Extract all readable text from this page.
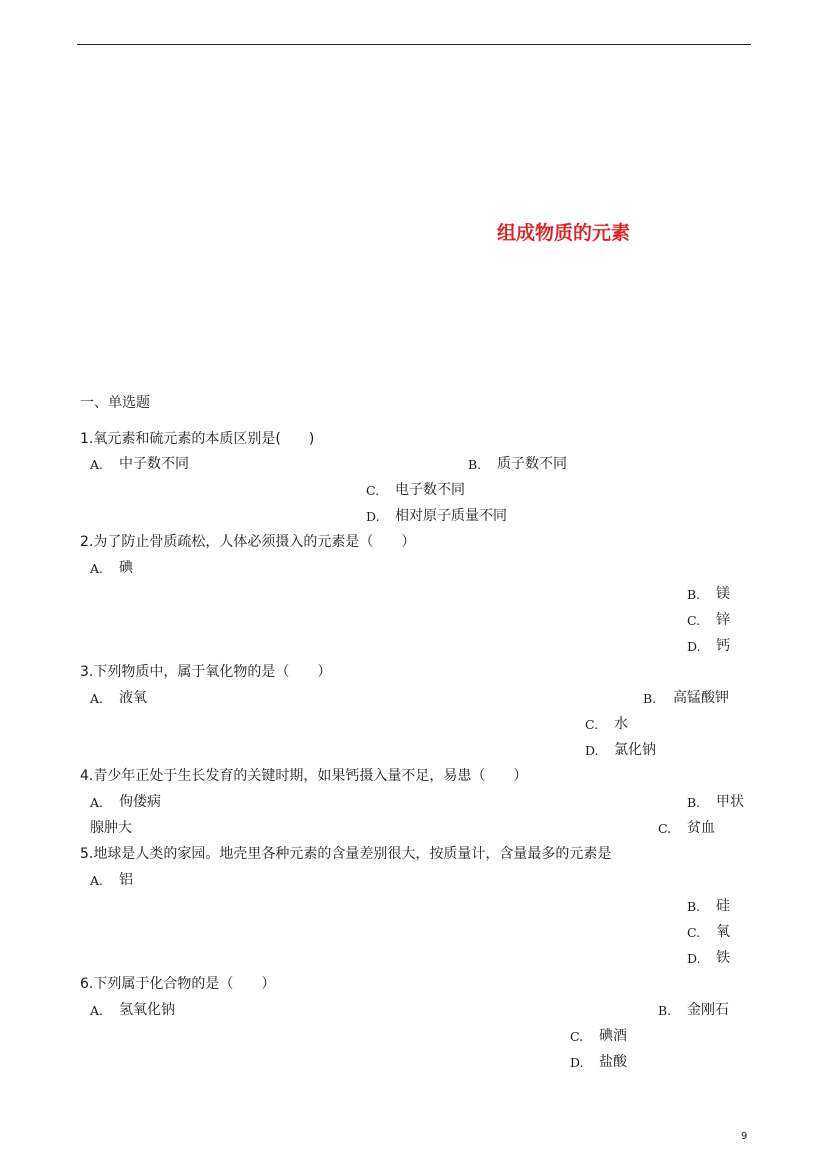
组成物质的元素
一、单选题
1.氧元素和硫元素的本质区别是(　　)
A. 中子数不同	B. 质子数不同
C. 电子数不同
D. 相对原子质量不同
2.为了防止骨质疏松，人体必须摄入的元素是（　　）
A. 碘
B. 镁
C. 锌
D. 钙
3.下列物质中，属于氧化物的是（　　）
A. 液氧	B. 高锰酸钾
C. 水
D. 氯化钠
4.青少年正处于生长发育的关键时期，如果钙摄入量不足，易患（　　）
A. 佝偻病	B. 甲状
腺肿大	C. 贫血
5.地球是人类的家园。地壳里各种元素的含量差别很大，按质量计，含量最多的元素是
A. 铝
B. 硅
C. 氧
D. 铁
6.下列属于化合物的是（　　）
A. 氢氧化钠	B. 金刚石
C. 碘酒
D. 盐酸
9
